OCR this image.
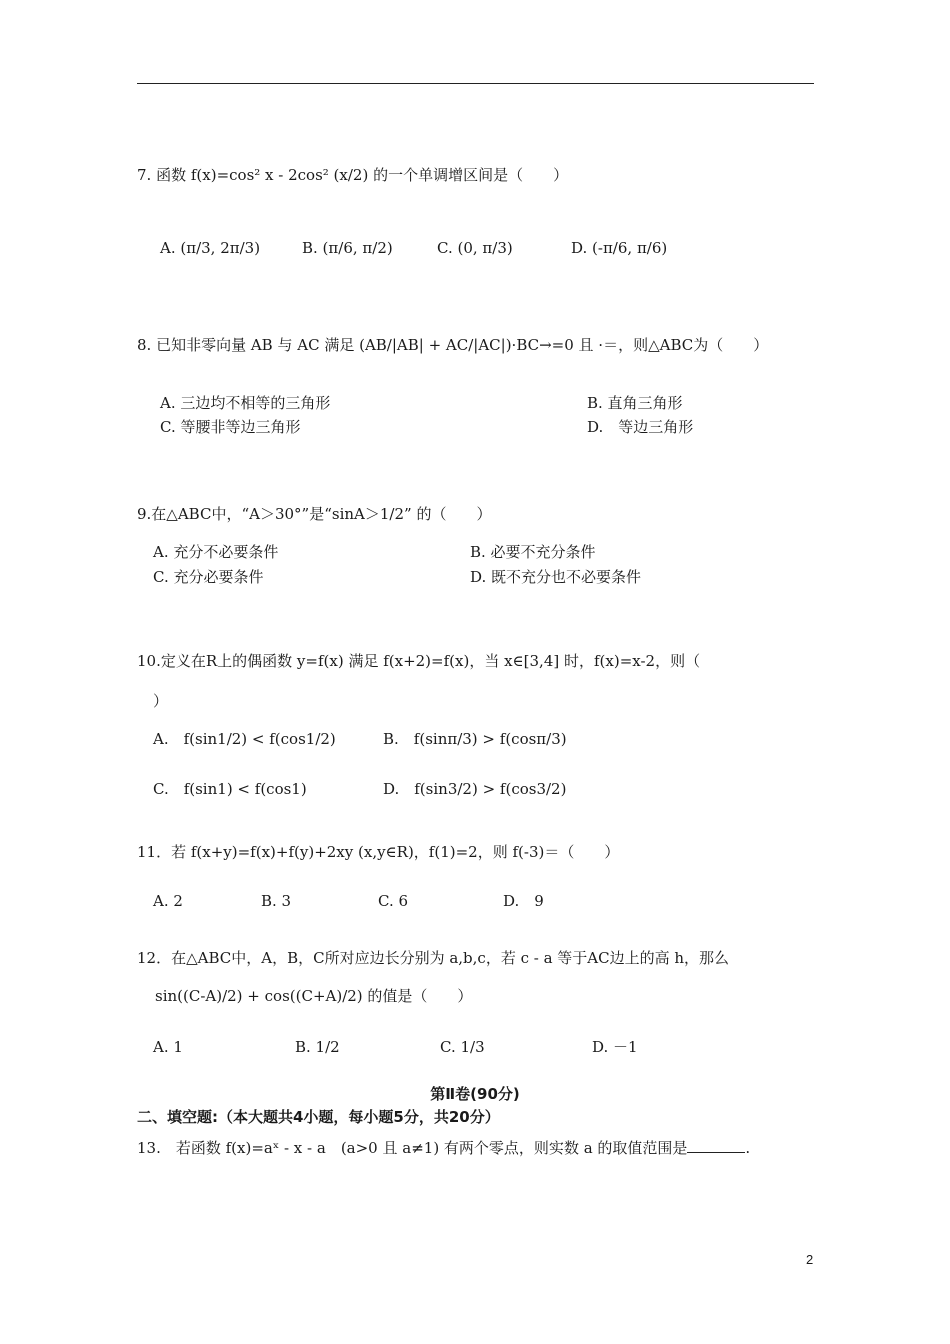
7. 函数 f(x)=cos² x - 2cos² (x/2) 的一个单调增区间是（　　）
A. (π/3, 2π/3)	B. (π/6, π/2)	C. (0, π/3)	D. (-π/6, π/6)
8. 已知非零向量 AB 与 AC 满足 (AB/|AB| + AC/|AC|)·BC→=0 且 ·＝，则△ABC为（　　）
A. 三边均不相等的三角形	B. 直角三角形
C. 等腰非等边三角形	D.　等边三角形
9.在△ABC中，“A＞30°”是“sinA＞1/2” 的（　　）
A. 充分不必要条件	B. 必要不充分条件
C. 充分必要条件	D. 既不充分也不必要条件
10.定义在R上的偶函数 y=f(x) 满足 f(x+2)=f(x)，当 x∈[3,4] 时，f(x)=x-2，则（
）
A.　f(sin1/2) < f(cos1/2)	B.　f(sinπ/3) > f(cosπ/3)
C.　f(sin1) < f(cos1)	D.　f(sin3/2) > f(cos3/2)
11．若 f(x+y)=f(x)+f(y)+2xy (x,y∈R)，f(1)=2，则 f(-3)＝（　　）
A. 2	B. 3	C. 6	D.　9
12．在△ABC中，A，B，C所对应边长分别为 a,b,c，若 c - a 等于AC边上的高 h，那么
sin((C-A)/2) + cos((C+A)/2) 的值是（　　）
A. 1	B. 1/2	C. 1/3	D. －1
第Ⅱ卷(90分)
二、填空题:（本大题共4小题，每小题5分，共20分）
13.　若函数 f(x)=aˣ - x - a　(a>0 且 a≠1) 有两个零点，则实数 a 的取值范围是	.
2
